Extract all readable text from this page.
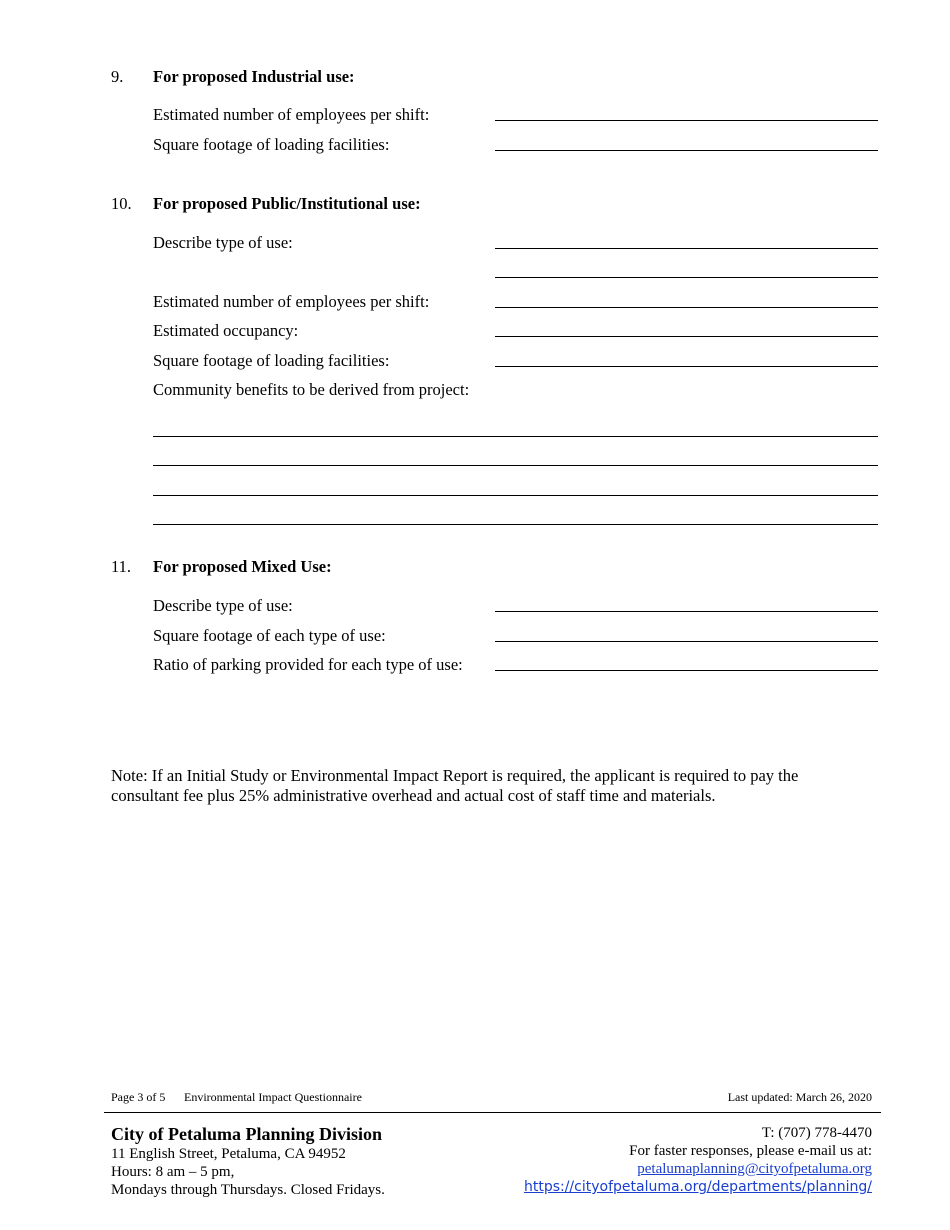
9. For proposed Industrial use:
Estimated number of employees per shift:
Square footage of loading facilities:
10. For proposed Public/Institutional use:
Describe type of use:
Estimated number of employees per shift:
Estimated occupancy:
Square footage of loading facilities:
Community benefits to be derived from project:
11. For proposed Mixed Use:
Describe type of use:
Square footage of each type of use:
Ratio of parking provided for each type of use:
Note: If an Initial Study or Environmental Impact Report is required, the applicant is required to pay the consultant fee plus 25% administrative overhead and actual cost of staff time and materials.
Page 3 of 5 Environmental Impact Questionnaire	Last updated: March 26, 2020
City of Petaluma Planning Division
11 English Street, Petaluma, CA 94952
Hours: 8 am – 5 pm,
Mondays through Thursdays. Closed Fridays.
T: (707) 778-4470
For faster responses, please e-mail us at:
petalumaplanning@cityofpetaluma.org
https://cityofpetaluma.org/departments/planning/
